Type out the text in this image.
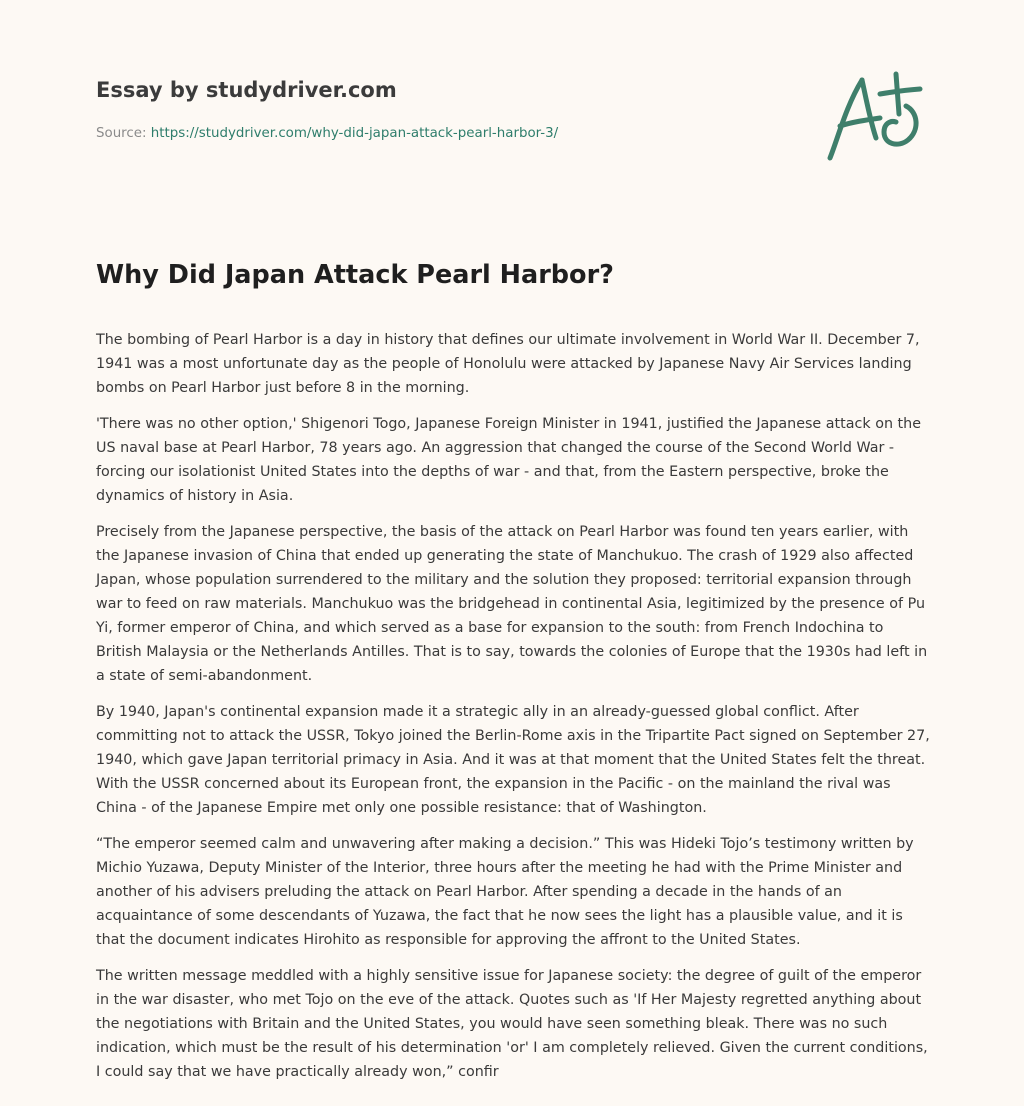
Essay by studydriver.com
Source: https://studydriver.com/why-did-japan-attack-pearl-harbor-3/
Why Did Japan Attack Pearl Harbor?

The bombing of Pearl Harbor is a day in history that defines our ultimate involvement in World War II. December 7, 1941 was a most unfortunate day as the people of Honolulu were attacked by Japanese Navy Air Services landing bombs on Pearl Harbor just before 8 in the morning.

'There was no other option,' Shigenori Togo, Japanese Foreign Minister in 1941, justified the Japanese attack on the US naval base at Pearl Harbor, 78 years ago. An aggression that changed the course of the Second World War - forcing our isolationist United States into the depths of war - and that, from the Eastern perspective, broke the dynamics of history in Asia.

Precisely from the Japanese perspective, the basis of the attack on Pearl Harbor was found ten years earlier, with the Japanese invasion of China that ended up generating the state of Manchukuo. The crash of 1929 also affected Japan, whose population surrendered to the military and the solution they proposed: territorial expansion through war to feed on raw materials. Manchukuo was the bridgehead in continental Asia, legitimized by the presence of Pu Yi, former emperor of China, and which served as a base for expansion to the south: from French Indochina to British Malaysia or the Netherlands Antilles. That is to say, towards the colonies of Europe that the 1930s had left in a state of semi-abandonment.

By 1940, Japan's continental expansion made it a strategic ally in an already-guessed global conflict. After committing not to attack the USSR, Tokyo joined the Berlin-Rome axis in the Tripartite Pact signed on September 27, 1940, which gave Japan territorial primacy in Asia. And it was at that moment that the United States felt the threat. With the USSR concerned about its European front, the expansion in the Pacific - on the mainland the rival was China - of the Japanese Empire met only one possible resistance: that of Washington.

“The emperor seemed calm and unwavering after making a decision.” This was Hideki Tojo’s testimony written by Michio Yuzawa, Deputy Minister of the Interior, three hours after the meeting he had with the Prime Minister and another of his advisers preluding the attack on Pearl Harbor. After spending a decade in the hands of an acquaintance of some descendants of Yuzawa, the fact that he now sees the light has a plausible value, and it is that the document indicates Hirohito as responsible for approving the affront to the United States.

The written message meddled with a highly sensitive issue for Japanese society: the degree of guilt of the emperor in the war disaster, who met Tojo on the eve of the attack. Quotes such as 'If Her Majesty regretted anything about the negotiations with Britain and the United States, you would have seen something bleak. There was no such indication, which must be the result of his determination 'or' I am completely relieved. Given the current conditions, I could say that we have practically already won,” confir
